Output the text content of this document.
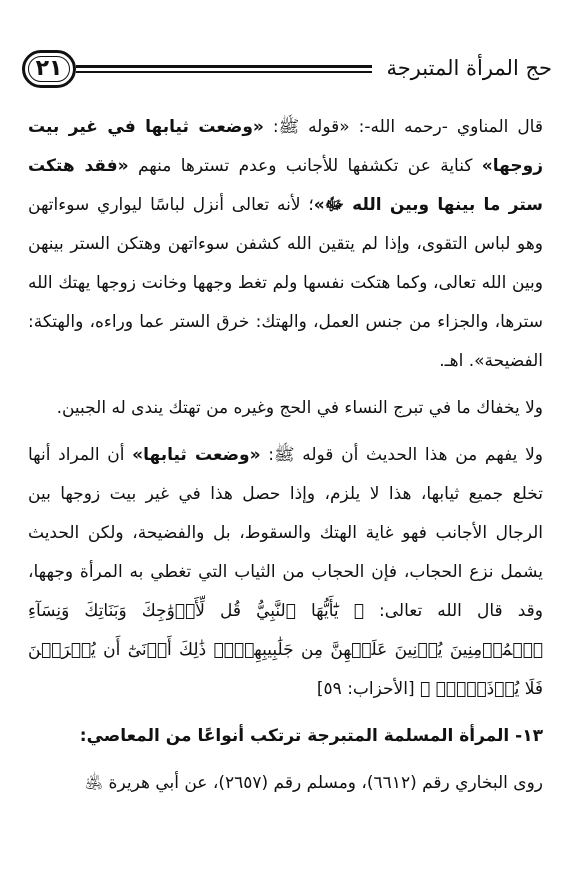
٢١	حج المرأة المتبرجة

قال المناوي -رحمه الله-: «قوله ﷺ: «وضعت ثيابها في غير بيت زوجها» كناية عن تكشفها للأجانب وعدم تسترها منهم «فقد هتكت ستر ما بينها وبين الله ﷻ»؛ لأنه تعالى أنزل لباسًا ليواري سوءاتهن وهو لباس التقوى، وإذا لم يتقين الله كشفن سوءاتهن وهتكن الستر بينهن وبين الله تعالى، وكما هتكت نفسها ولم تغط وجهها وخانت زوجها يهتك الله سترها، والجزاء من جنس العمل، والهتك: خرق الستر عما وراءه، والهتكة: الفضيحة». اهـ.

ولا يخفاك ما في تبرج النساء في الحج وغيره من تهتك يندى له الجبين.

ولا يفهم من هذا الحديث أن قوله ﷺ: «وضعت ثيابها» أن المراد أنها تخلع جميع ثيابها، هذا لا يلزم، وإذا حصل هذا في غير بيت زوجها بين الرجال الأجانب فهو غاية الهتك والسقوط، بل والفضيحة، ولكن الحديث يشمل نزع الحجاب، فإن الحجاب من الثياب التي تغطي به المرأة وجهها، وقد قال الله تعالى: ﴿ يَٰٓأَيُّهَا ٱلنَّبِيُّ قُل لِّأَزۡوَٰجِكَ وَبَنَاتِكَ وَنِسَآءِ ٱلۡمُؤۡمِنِينَ يُدۡنِينَ عَلَيۡهِنَّ مِن جَلَٰبِيبِهِنَّۚ ذَٰلِكَ أَدۡنَىٰٓ أَن يُعۡرَفۡنَ فَلَا يُؤۡذَيۡنَۗ ﴾ [الأحزاب: ٥٩]

١٣- المرأة المسلمة المتبرجة ترتكب أنواعًا من المعاصي:

روى البخاري رقم (٦٦١٢)، ومسلم رقم (٢٦٥٧)، عن أبي هريرة ﵁
